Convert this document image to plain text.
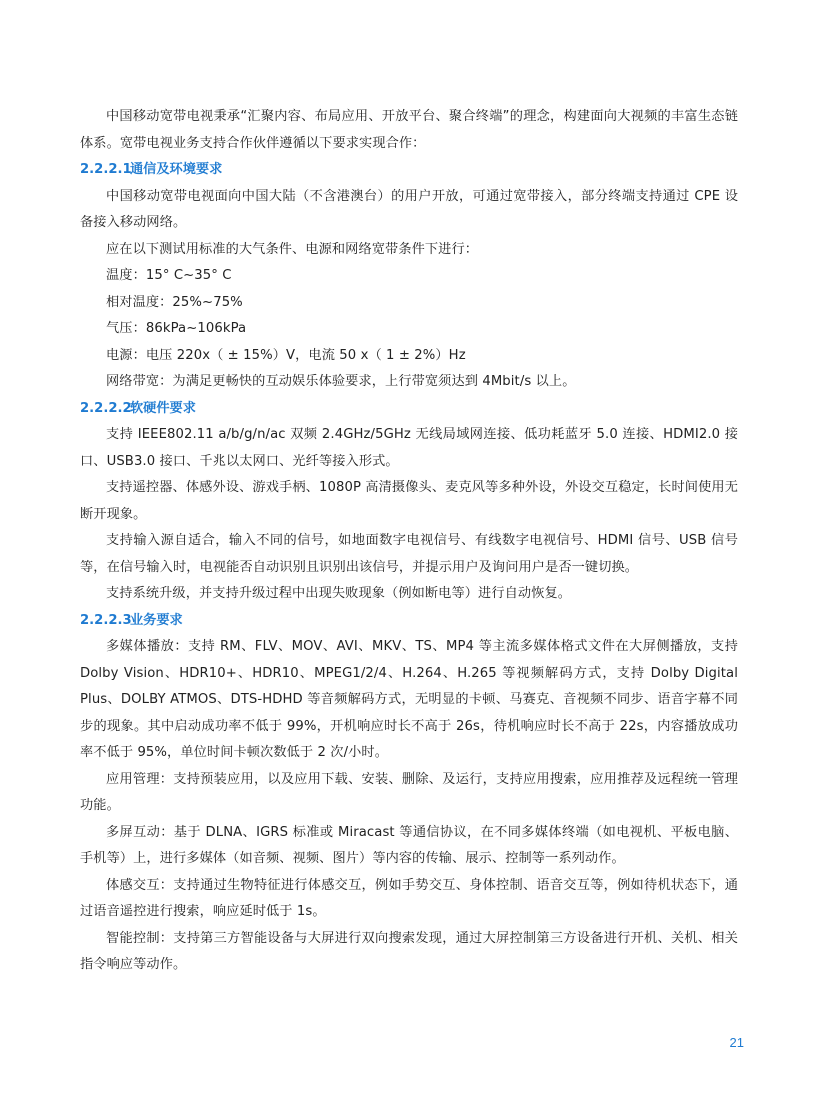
中国移动宽带电视秉承“汇聚内容、布局应用、开放平台、聚合终端”的理念，构建面向大视频的丰富生态链体系。宽带电视业务支持合作伙伴遵循以下要求实现合作：

2.2.2.1通信及环境要求

中国移动宽带电视面向中国大陆（不含港澳台）的用户开放，可通过宽带接入，部分终端支持通过 CPE 设备接入移动网络。

应在以下测试用标准的大气条件、电源和网络宽带条件下进行：

温度：15° C~35° C

相对温度：25%~75%

气压：86kPa~106kPa

电源：电压 220x（ ± 15%）V，电流 50 x（ 1 ± 2%）Hz

网络带宽：为满足更畅快的互动娱乐体验要求，上行带宽须达到 4Mbit/s 以上。

2.2.2.2软硬件要求

支持 IEEE802.11 a/b/g/n/ac 双频 2.4GHz/5GHz 无线局域网连接、低功耗蓝牙 5.0 连接、HDMI2.0 接口、USB3.0 接口、千兆以太网口、光纤等接入形式。

支持遥控器、体感外设、游戏手柄、1080P 高清摄像头、麦克风等多种外设，外设交互稳定，长时间使用无断开现象。

支持输入源自适合，输入不同的信号，如地面数字电视信号、有线数字电视信号、HDMI 信号、USB 信号等，在信号输入时，电视能否自动识别且识别出该信号，并提示用户及询问用户是否一键切换。

支持系统升级，并支持升级过程中出现失败现象（例如断电等）进行自动恢复。

2.2.2.3业务要求

多媒体播放：支持 RM、FLV、MOV、AVI、MKV、TS、MP4 等主流多媒体格式文件在大屏侧播放，支持 Dolby Vision、HDR10+、HDR10、MPEG1/2/4、H.264、H.265 等视频解码方式，支持 Dolby Digital Plus、DOLBY ATMOS、DTS-HDHD 等音频解码方式，无明显的卡顿、马赛克、音视频不同步、语音字幕不同步的现象。其中启动成功率不低于 99%，开机响应时长不高于 26s，待机响应时长不高于 22s，内容播放成功率不低于 95%，单位时间卡顿次数低于 2 次/小时。

应用管理：支持预装应用，以及应用下载、安装、删除、及运行，支持应用搜索，应用推荐及远程统一管理功能。

多屏互动：基于 DLNA、IGRS 标准或 Miracast 等通信协议，在不同多媒体终端（如电视机、平板电脑、手机等）上，进行多媒体（如音频、视频、图片）等内容的传输、展示、控制等一系列动作。

体感交互：支持通过生物特征进行体感交互，例如手势交互、身体控制、语音交互等，例如待机状态下，通过语音遥控进行搜索，响应延时低于 1s。

智能控制：支持第三方智能设备与大屏进行双向搜索发现，通过大屏控制第三方设备进行开机、关机、相关指令响应等动作。

21
